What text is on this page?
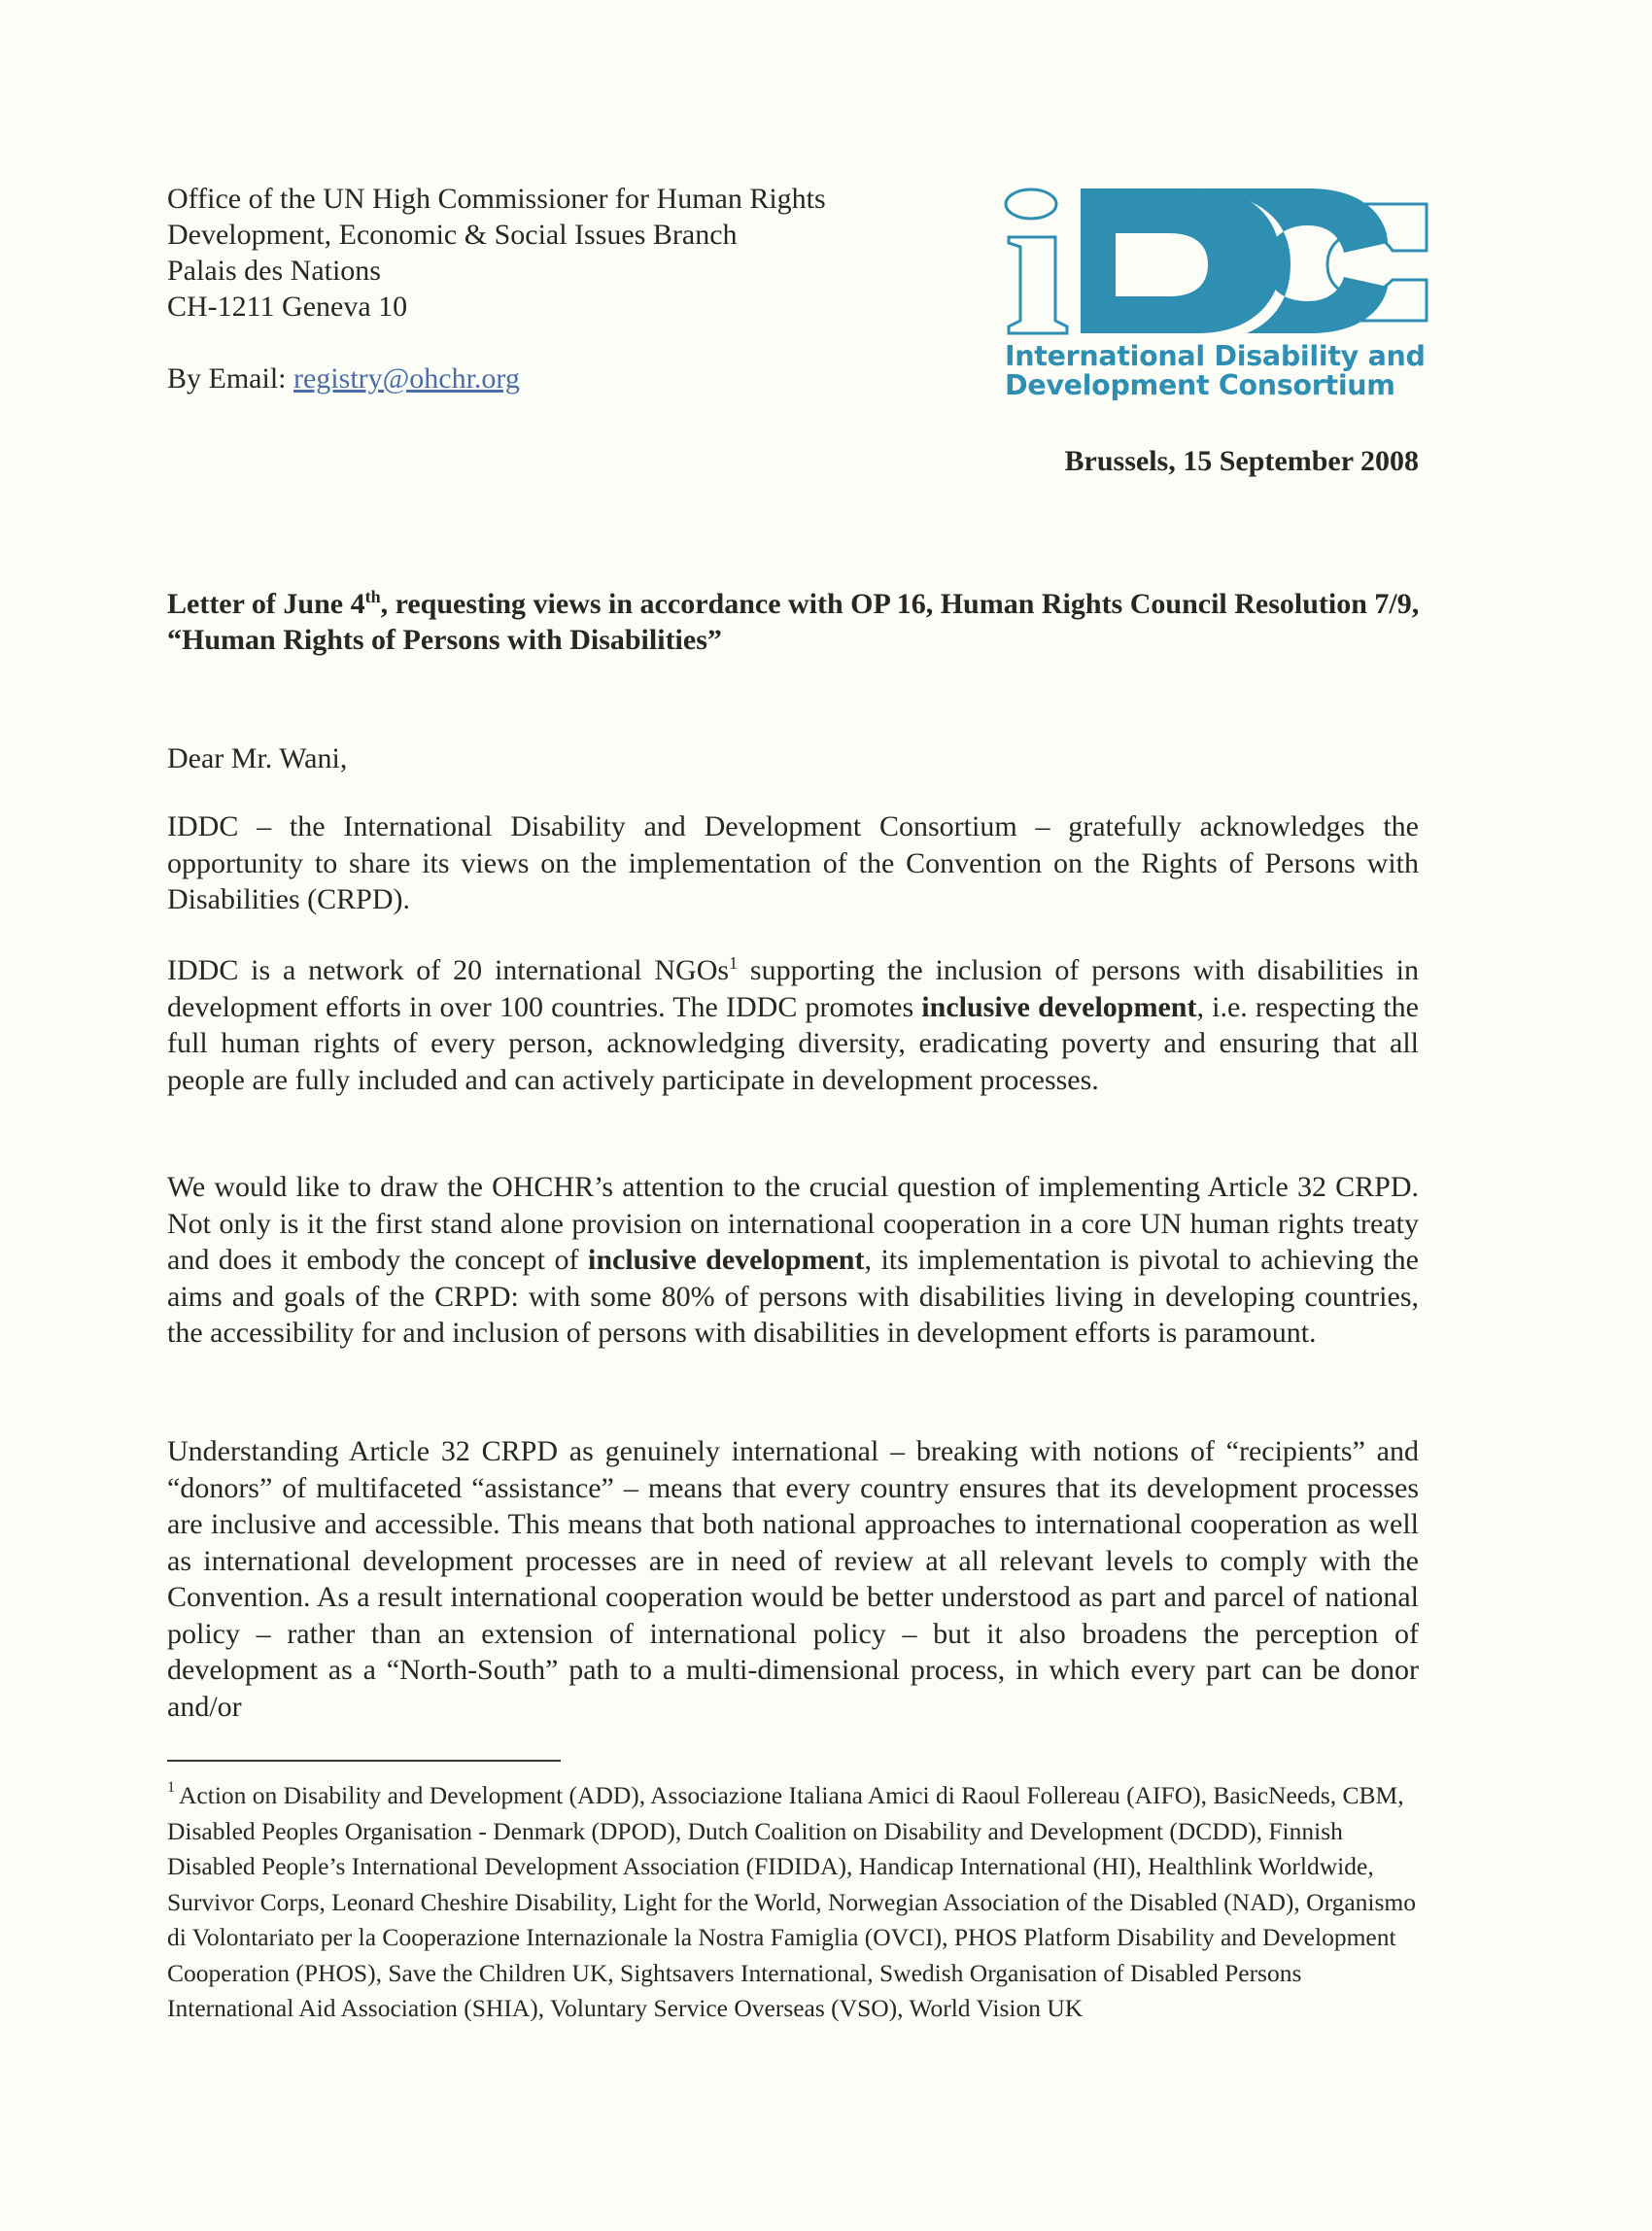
Office of the UN High Commissioner for Human Rights
Development, Economic & Social Issues Branch
Palais des Nations
CH-1211 Geneva 10
By Email: registry@ohchr.org
International Disability and
Development Consortium
Brussels, 15 September 2008
Letter of June 4th, requesting views in accordance with OP 16, Human Rights Council Resolution 7/9, “Human Rights of Persons with Disabilities”
Dear Mr. Wani,
IDDC – the International Disability and Development Consortium – gratefully acknowledges the opportunity to share its views on the implementation of the Convention on the Rights of Persons with Disabilities (CRPD).
IDDC is a network of 20 international NGOs$^1$ supporting the inclusion of persons with disabilities in development efforts in over 100 countries. The IDDC promotes inclusive development, i.e. respecting the full human rights of every person, acknowledging diversity, eradicating poverty and ensuring that all people are fully included and can actively participate in development processes.
We would like to draw the OHCHR’s attention to the crucial question of implementing Article 32 CRPD. Not only is it the first stand alone provision on international cooperation in a core UN human rights treaty and does it embody the concept of inclusive development, its implementation is pivotal to achieving the aims and goals of the CRPD: with some 80% of persons with disabilities living in developing countries, the accessibility for and inclusion of persons with disabilities in development efforts is paramount.
Understanding Article 32 CRPD as genuinely international – breaking with notions of “recipients” and “donors” of multifaceted “assistance” – means that every country ensures that its development processes are inclusive and accessible. This means that both national approaches to international cooperation as well as international development processes are in need of review at all relevant levels to comply with the Convention. As a result international cooperation would be better understood as part and parcel of national policy – rather than an extension of international policy – but it also broadens the perception of development as a “North-South” path to a multi-dimensional process, in which every part can be donor and/or
$^1$ Action on Disability and Development (ADD), Associazione Italiana Amici di Raoul Follereau (AIFO), BasicNeeds, CBM, Disabled Peoples Organisation - Denmark (DPOD), Dutch Coalition on Disability and Development (DCDD), Finnish Disabled People’s International Development Association (FIDIDA), Handicap International (HI), Healthlink Worldwide, Survivor Corps, Leonard Cheshire Disability, Light for the World, Norwegian Association of the Disabled (NAD), Organismo di Volontariato per la Cooperazione Internazionale la Nostra Famiglia (OVCI), PHOS Platform Disability and Development Cooperation (PHOS), Save the Children UK, Sightsavers International, Swedish Organisation of Disabled Persons International Aid Association (SHIA), Voluntary Service Overseas (VSO), World Vision UK
